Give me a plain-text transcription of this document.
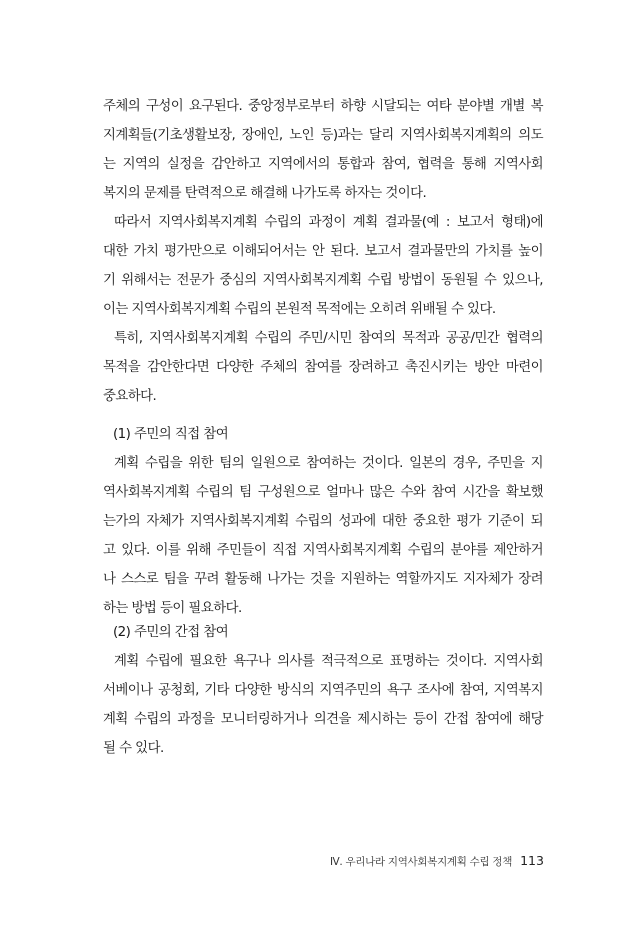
주체의 구성이 요구된다. 중앙정부로부터 하향 시달되는 여타 분야별 개별 복
지계획들(기초생활보장, 장애인, 노인 등)과는 달리 지역사회복지계획의 의도
는 지역의 실정을 감안하고 지역에서의 통합과 참여, 협력을 통해 지역사회
복지의 문제를 탄력적으로 해결해 나가도록 하자는 것이다.
따라서 지역사회복지계획 수립의 과정이 계획 결과물(예 : 보고서 형태)에
대한 가치 평가만으로 이해되어서는 안 된다. 보고서 결과물만의 가치를 높이
기 위해서는 전문가 중심의 지역사회복지계획 수립 방법이 동원될 수 있으나,
이는 지역사회복지계획 수립의 본원적 목적에는 오히려 위배될 수 있다.
특히, 지역사회복지계획 수립의 주민/시민 참여의 목적과 공공/민간 협력의
목적을 감안한다면 다양한 주체의 참여를 장려하고 촉진시키는 방안 마련이
중요하다.
(1) 주민의 직접 참여
계획 수립을 위한 팀의 일원으로 참여하는 것이다. 일본의 경우, 주민을 지
역사회복지계획 수립의 팀 구성원으로 얼마나 많은 수와 참여 시간을 확보했
는가의 자체가 지역사회복지계획 수립의 성과에 대한 중요한 평가 기준이 되
고 있다. 이를 위해 주민들이 직접 지역사회복지계획 수립의 분야를 제안하거
나 스스로 팀을 꾸려 활동해 나가는 것을 지원하는 역할까지도 지자체가 장려
하는 방법 등이 필요하다.
(2) 주민의 간접 참여
계획 수립에 필요한 욕구나 의사를 적극적으로 표명하는 것이다. 지역사회
서베이나 공청회, 기타 다양한 방식의 지역주민의 욕구 조사에 참여, 지역복지
계획 수립의 과정을 모니터링하거나 의견을 제시하는 등이 간접 참여에 해당
될 수 있다.
Ⅳ. 우리나라 지역사회복지계획 수립 정책 113
